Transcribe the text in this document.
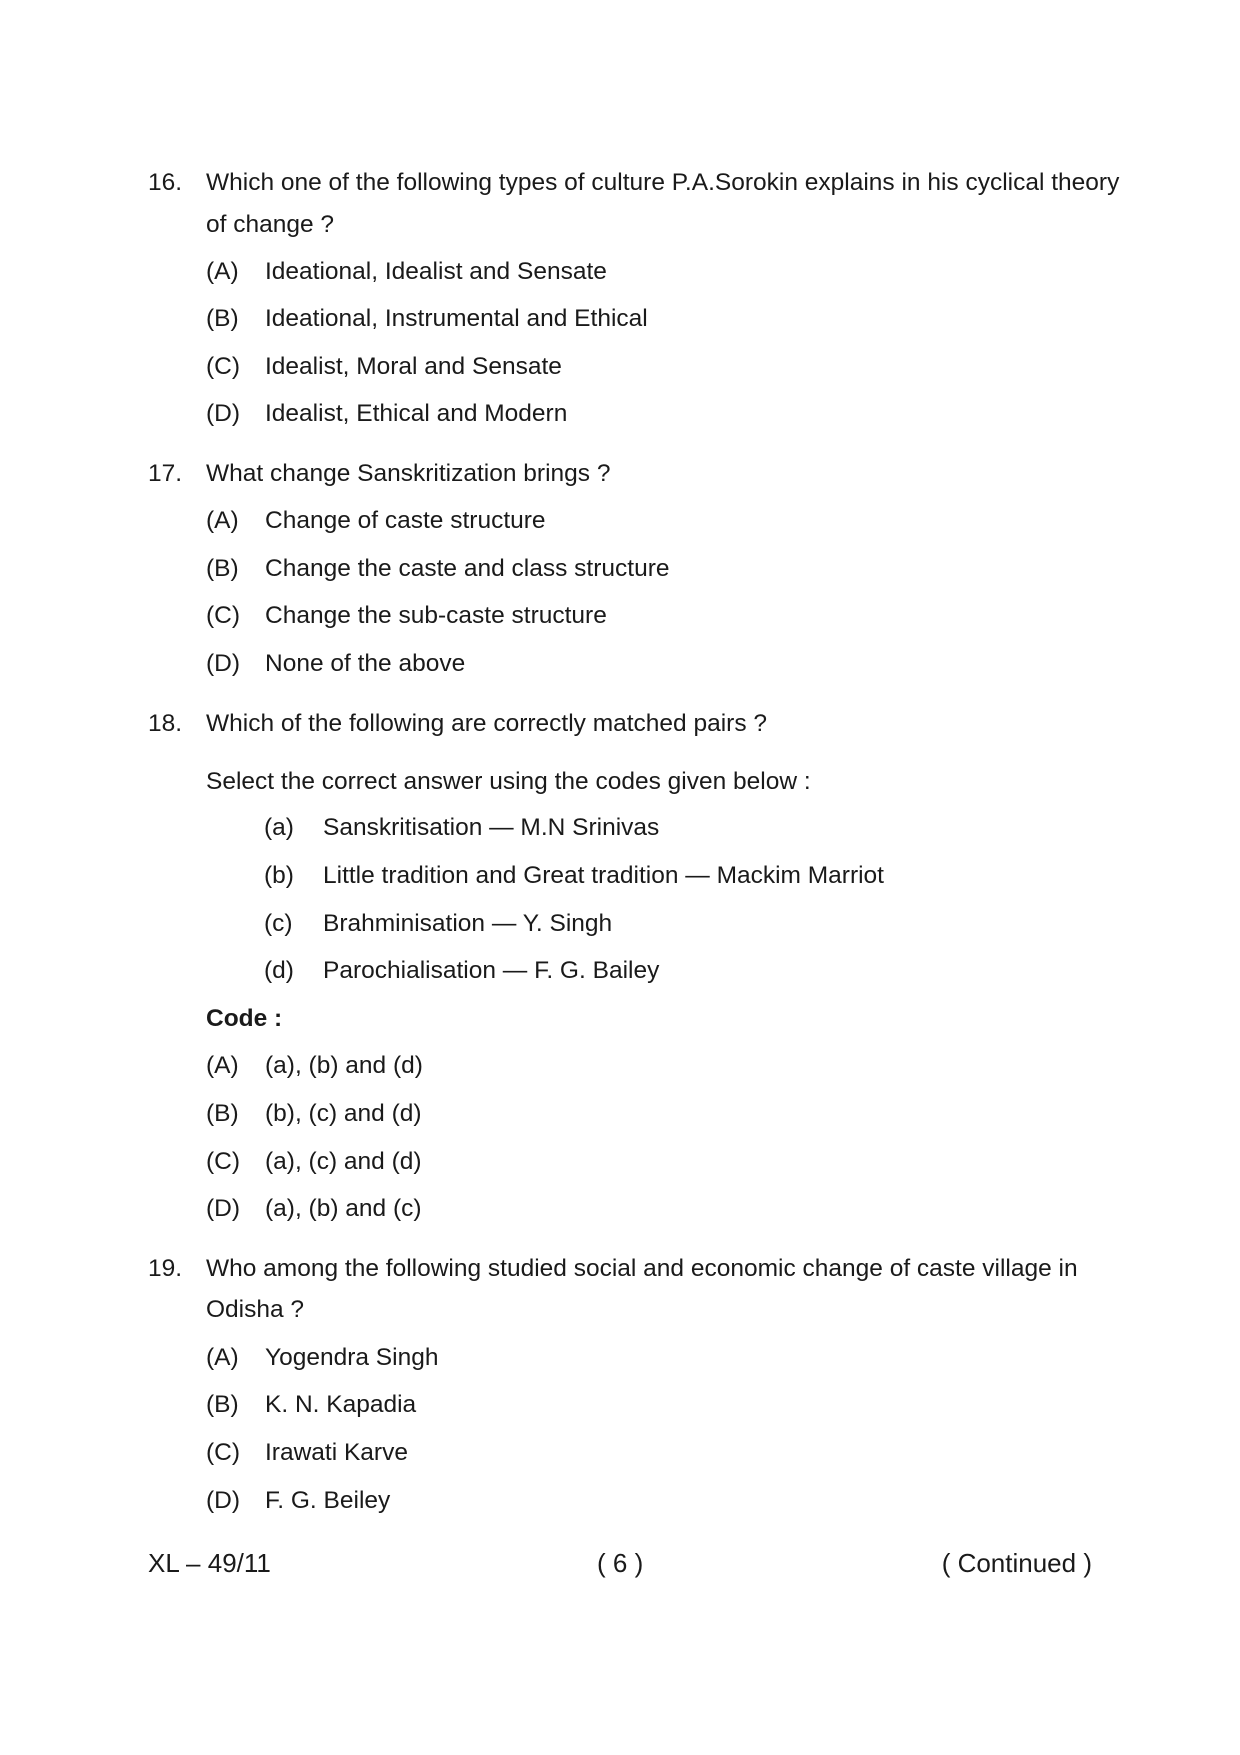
16. Which one of the following types of culture P.A.Sorokin explains in his cyclical theory
of change ?
(A) Ideational, Idealist and Sensate
(B) Ideational, Instrumental and Ethical
(C) Idealist, Moral and Sensate
(D) Idealist, Ethical and Modern
17. What change Sanskritization brings ?
(A) Change of caste structure
(B) Change the caste and class structure
(C) Change the sub-caste structure
(D) None of the above
18. Which of the following are correctly matched pairs ?
Select the correct answer using the codes given below :
(a) Sanskritisation — M.N Srinivas
(b) Little tradition and Great tradition — Mackim Marriot
(c) Brahminisation — Y. Singh
(d) Parochialisation — F. G. Bailey
Code :
(A) (a), (b) and (d)
(B) (b), (c) and (d)
(C) (a), (c) and (d)
(D) (a), (b) and (c)
19. Who among the following studied social and economic change of caste village in
Odisha ?
(A) Yogendra Singh
(B) K. N. Kapadia
(C) Irawati Karve
(D) F. G. Beiley
XL – 49/11	( 6 )	( Continued )
